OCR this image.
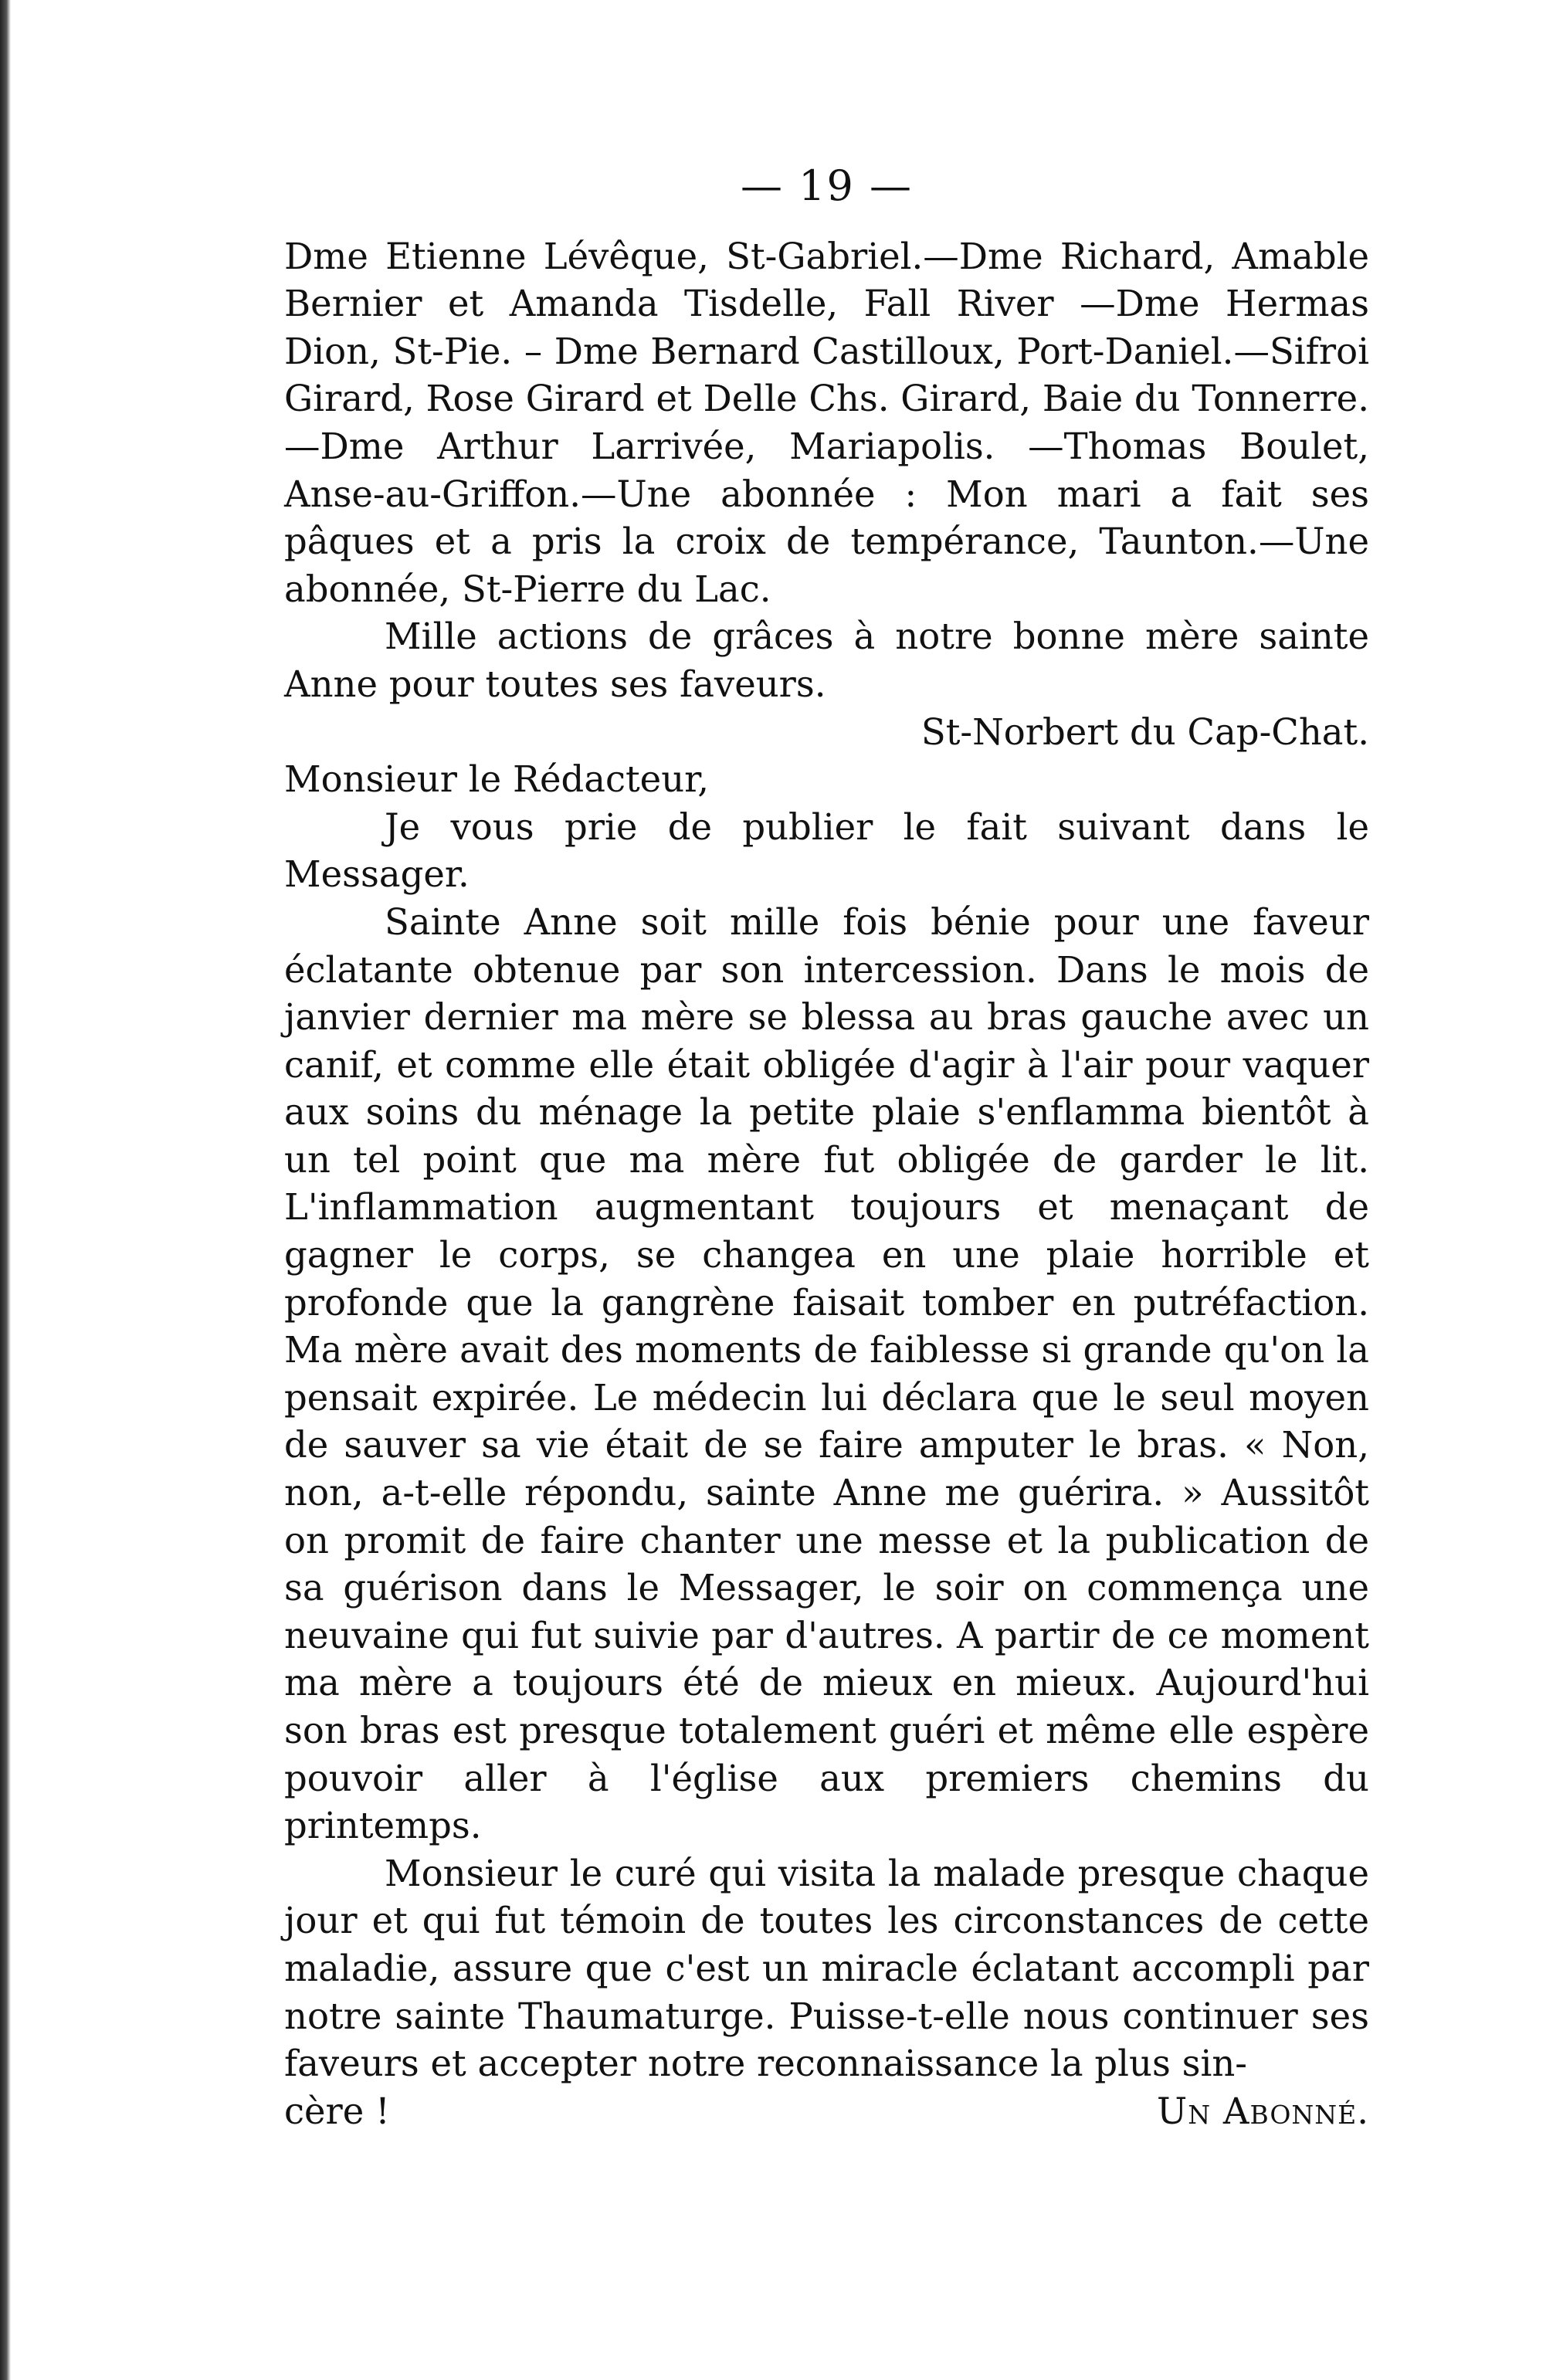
— 19 —

Dme Etienne Lévêque, St-Gabriel.—Dme Richard, Amable Bernier et Amanda Tisdelle, Fall River —Dme Hermas Dion, St-Pie. – Dme Bernard Castilloux, Port-Daniel.—Sifroi Girard, Rose Girard et Delle Chs. Girard, Baie du Tonnerre.—Dme Arthur Larrivée, Mariapolis. —Thomas Boulet, Anse-au-Griffon.—Une abonnée : Mon mari a fait ses pâques et a pris la croix de tempérance, Taunton.—Une abonnée, St-Pierre du Lac.

Mille actions de grâces à notre bonne mère sainte Anne pour toutes ses faveurs.

St-Norbert du Cap-Chat.

Monsieur le Rédacteur,

Je vous prie de publier le fait suivant dans le Messager.

Sainte Anne soit mille fois bénie pour une faveur éclatante obtenue par son intercession. Dans le mois de janvier dernier ma mère se blessa au bras gauche avec un canif, et comme elle était obligée d'agir à l'air pour vaquer aux soins du ménage la petite plaie s'enflamma bientôt à un tel point que ma mère fut obligée de garder le lit. L'inflammation augmentant toujours et menaçant de gagner le corps, se changea en une plaie horrible et profonde que la gangrène faisait tomber en putréfaction. Ma mère avait des moments de faiblesse si grande qu'on la pensait expirée. Le médecin lui déclara que le seul moyen de sauver sa vie était de se faire amputer le bras. « Non, non, a-t-elle répondu, sainte Anne me guérira. » Aussitôt on promit de faire chanter une messe et la publication de sa guérison dans le Messager, le soir on commença une neuvaine qui fut suivie par d'autres. A partir de ce moment ma mère a toujours été de mieux en mieux. Aujourd'hui son bras est presque totalement guéri et même elle espère pouvoir aller à l'église aux premiers chemins du printemps.

Monsieur le curé qui visita la malade presque chaque jour et qui fut témoin de toutes les circonstances de cette maladie, assure que c'est un miracle éclatant accompli par notre sainte Thaumaturge. Puisse-t-elle nous continuer ses faveurs et accepter notre reconnaissance la plus sin-

cère !	Un Abonné.
